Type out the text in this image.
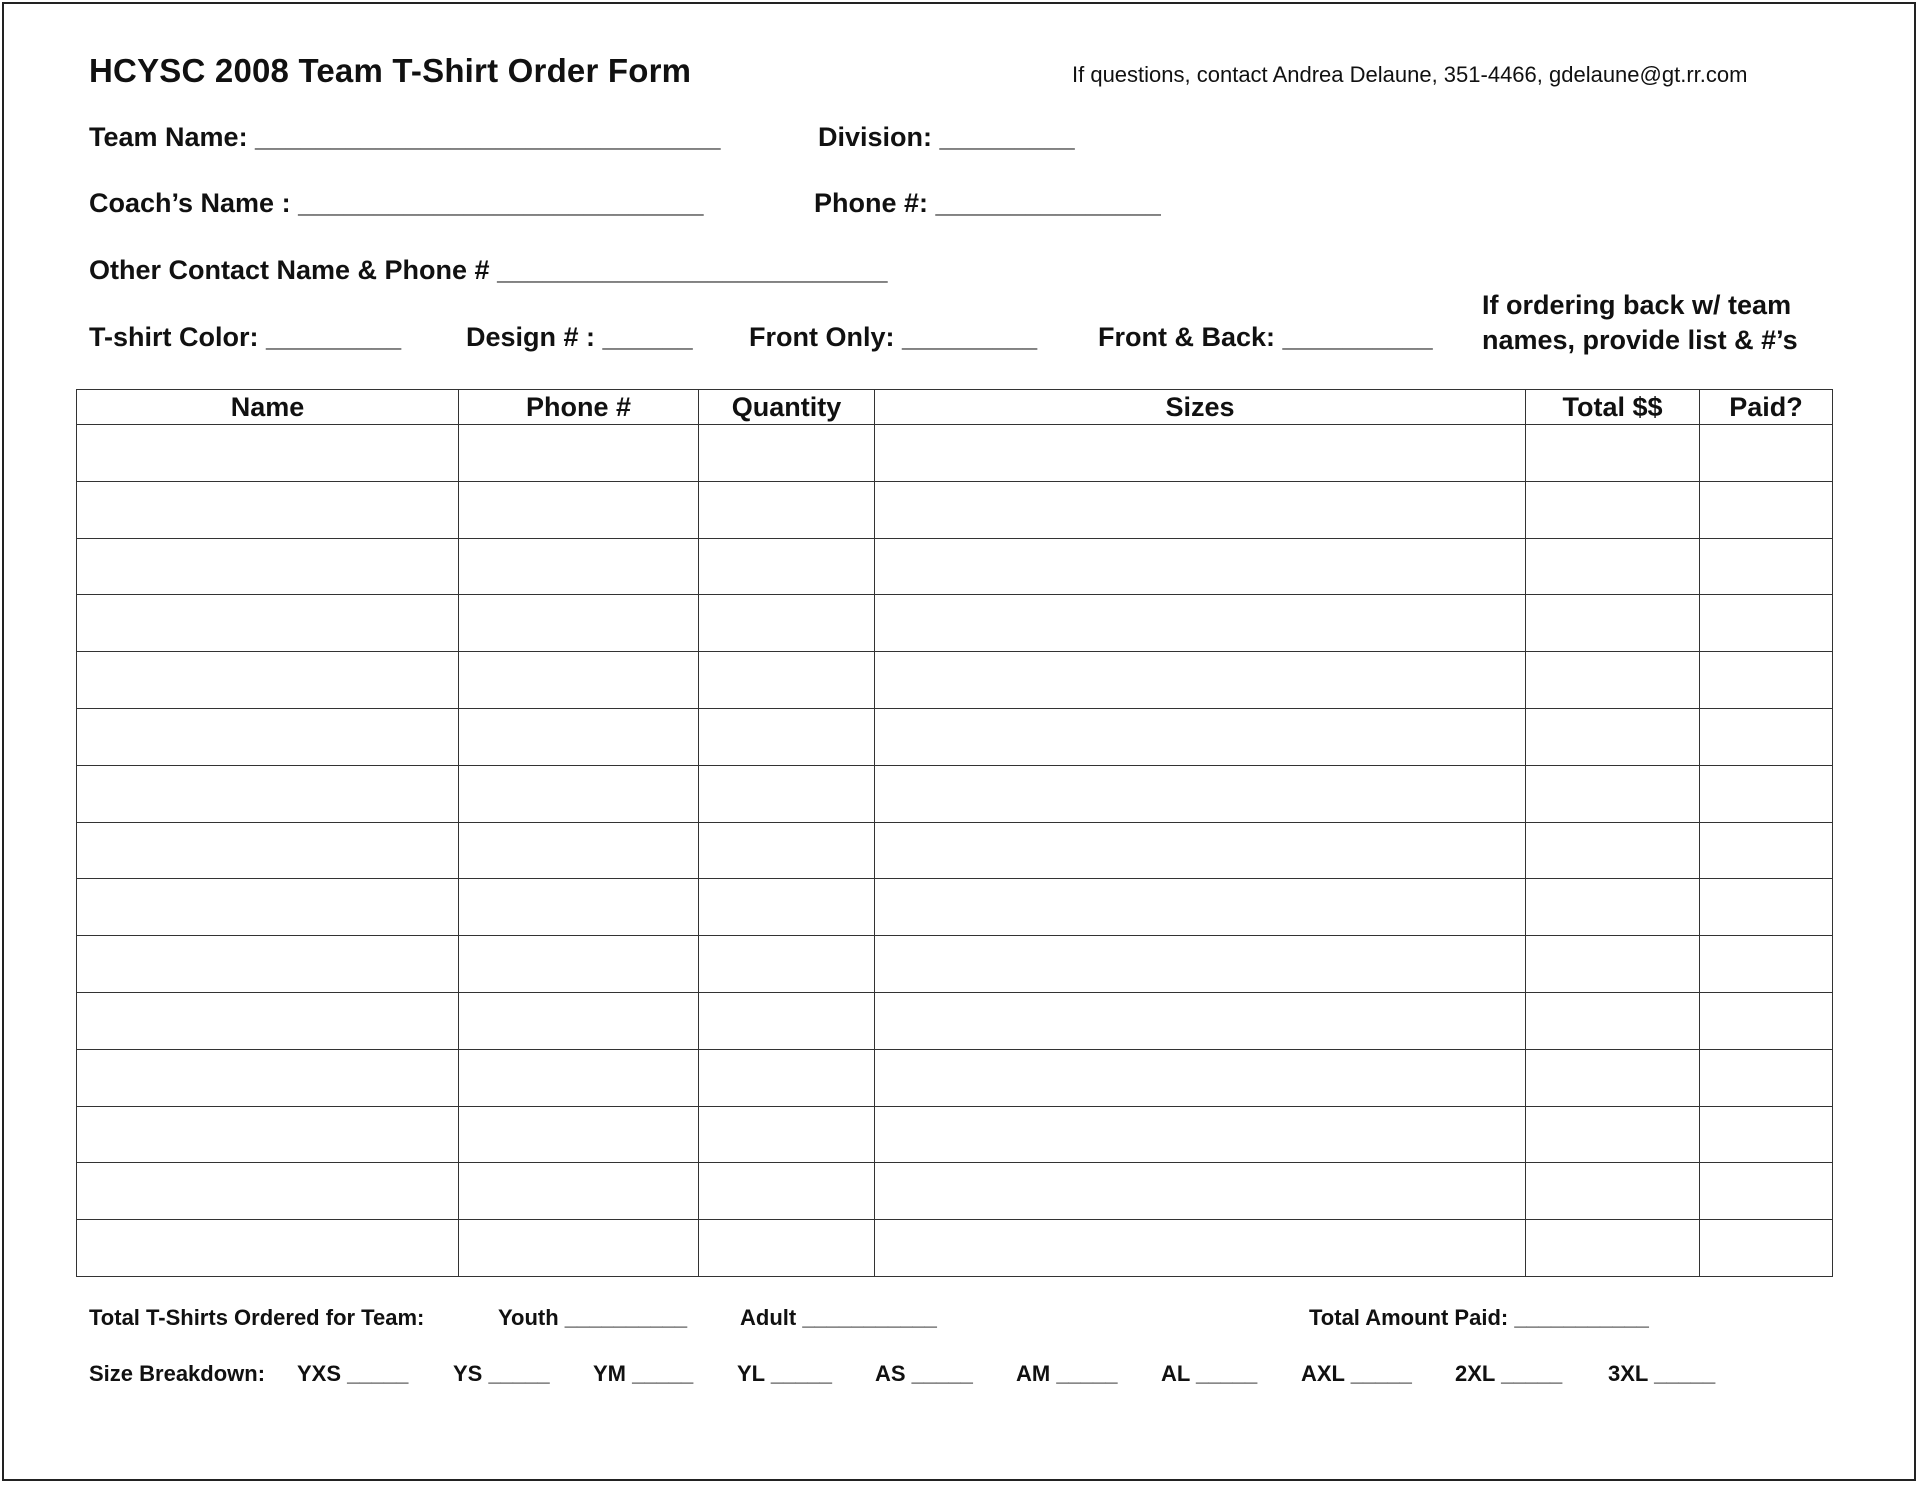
HCYSC 2008 Team T-Shirt Order Form	If questions, contact Andrea Delaune, 351-4466, gdelaune@gt.rr.com
Team Name: _______________________________	Division: _________
Coach’s Name : ___________________________	Phone #: _______________
Other Contact Name & Phone # __________________________
T-shirt Color: _________ Design # : ______ Front Only: _________ Front & Back: __________
If ordering back w/ team names, provide list & #’s
Name	Phone #	Quantity	Sizes	Total $$	Paid?

Total T-Shirts Ordered for Team:	Youth __________ Adult ___________	Total Amount Paid: ___________
Size Breakdown: YXS _____ YS _____ YM _____ YL _____ AS _____ AM _____ AL _____ AXL _____ 2XL _____ 3XL _____
